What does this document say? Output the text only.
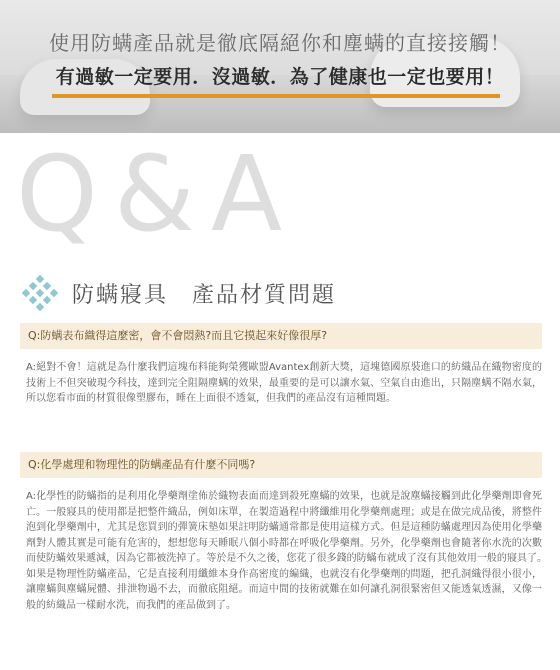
使用防螨產品就是徹底隔絕你和塵螨的直接接觸！
有過敏一定要用．沒過敏．為了健康也一定也要用！
Q&A
防螨寢具　產品材質問題
Q:防螨表布織得這麼密，會不會悶熱?而且它摸起來好像很厚?
A:絕對不會！這就是為什麼我們這塊布料能夠榮獲歐盟Avantex創新大獎，這塊德國原裝進口的紡織品在織物密度的技術上不但突破現今科技，達到完全阻隔塵螨的效果，最重要的是可以讓水氣、空氣自由進出，只隔塵螨不隔水氣，所以您看市面的材質很像塑膠布，睡在上面很不透氣，但我們的產品沒有這種問題。
Q:化學處理和物理性的防螨產品有什麼不同嗎?
A:化學性的防蟎指的是利用化學藥劑塗佈於織物表面而達到殺死塵蟎的效果，也就是說塵蟎接觸到此化學藥劑即會死亡。一般寢具的使用都是把整件織品，例如床單，在製造過程中將纖維用化學藥劑處理；或是在做完成品後，將整件泡到化學藥劑中，尤其是您買到的彈簧床墊如果註明防蟎通常都是使用這樣方式。但是這種防蟎處理因為使用化學藥劑對人體其實是可能有危害的，想想您每天睡眠八個小時都在呼吸化學藥劑。另外，化學藥劑也會隨著你水洗的次數而使防蟎效果遞減，因為它都被洗掉了。等於是不久之後，您花了很多錢的防蟎布就成了沒有其他效用一般的寢具了。　如果是物理性防蟎產品，它是直接利用纖維本身作高密度的編織，也就沒有化學藥劑的問題，把孔洞織得很小很小，讓塵蟎與塵蟎屍體、排泄物過不去，而徹底阻絕。而這中間的技術就難在如何讓孔洞很緊密但又能透氣透濕，又像一般的紡織品一樣耐水洗，而我們的產品做到了。
